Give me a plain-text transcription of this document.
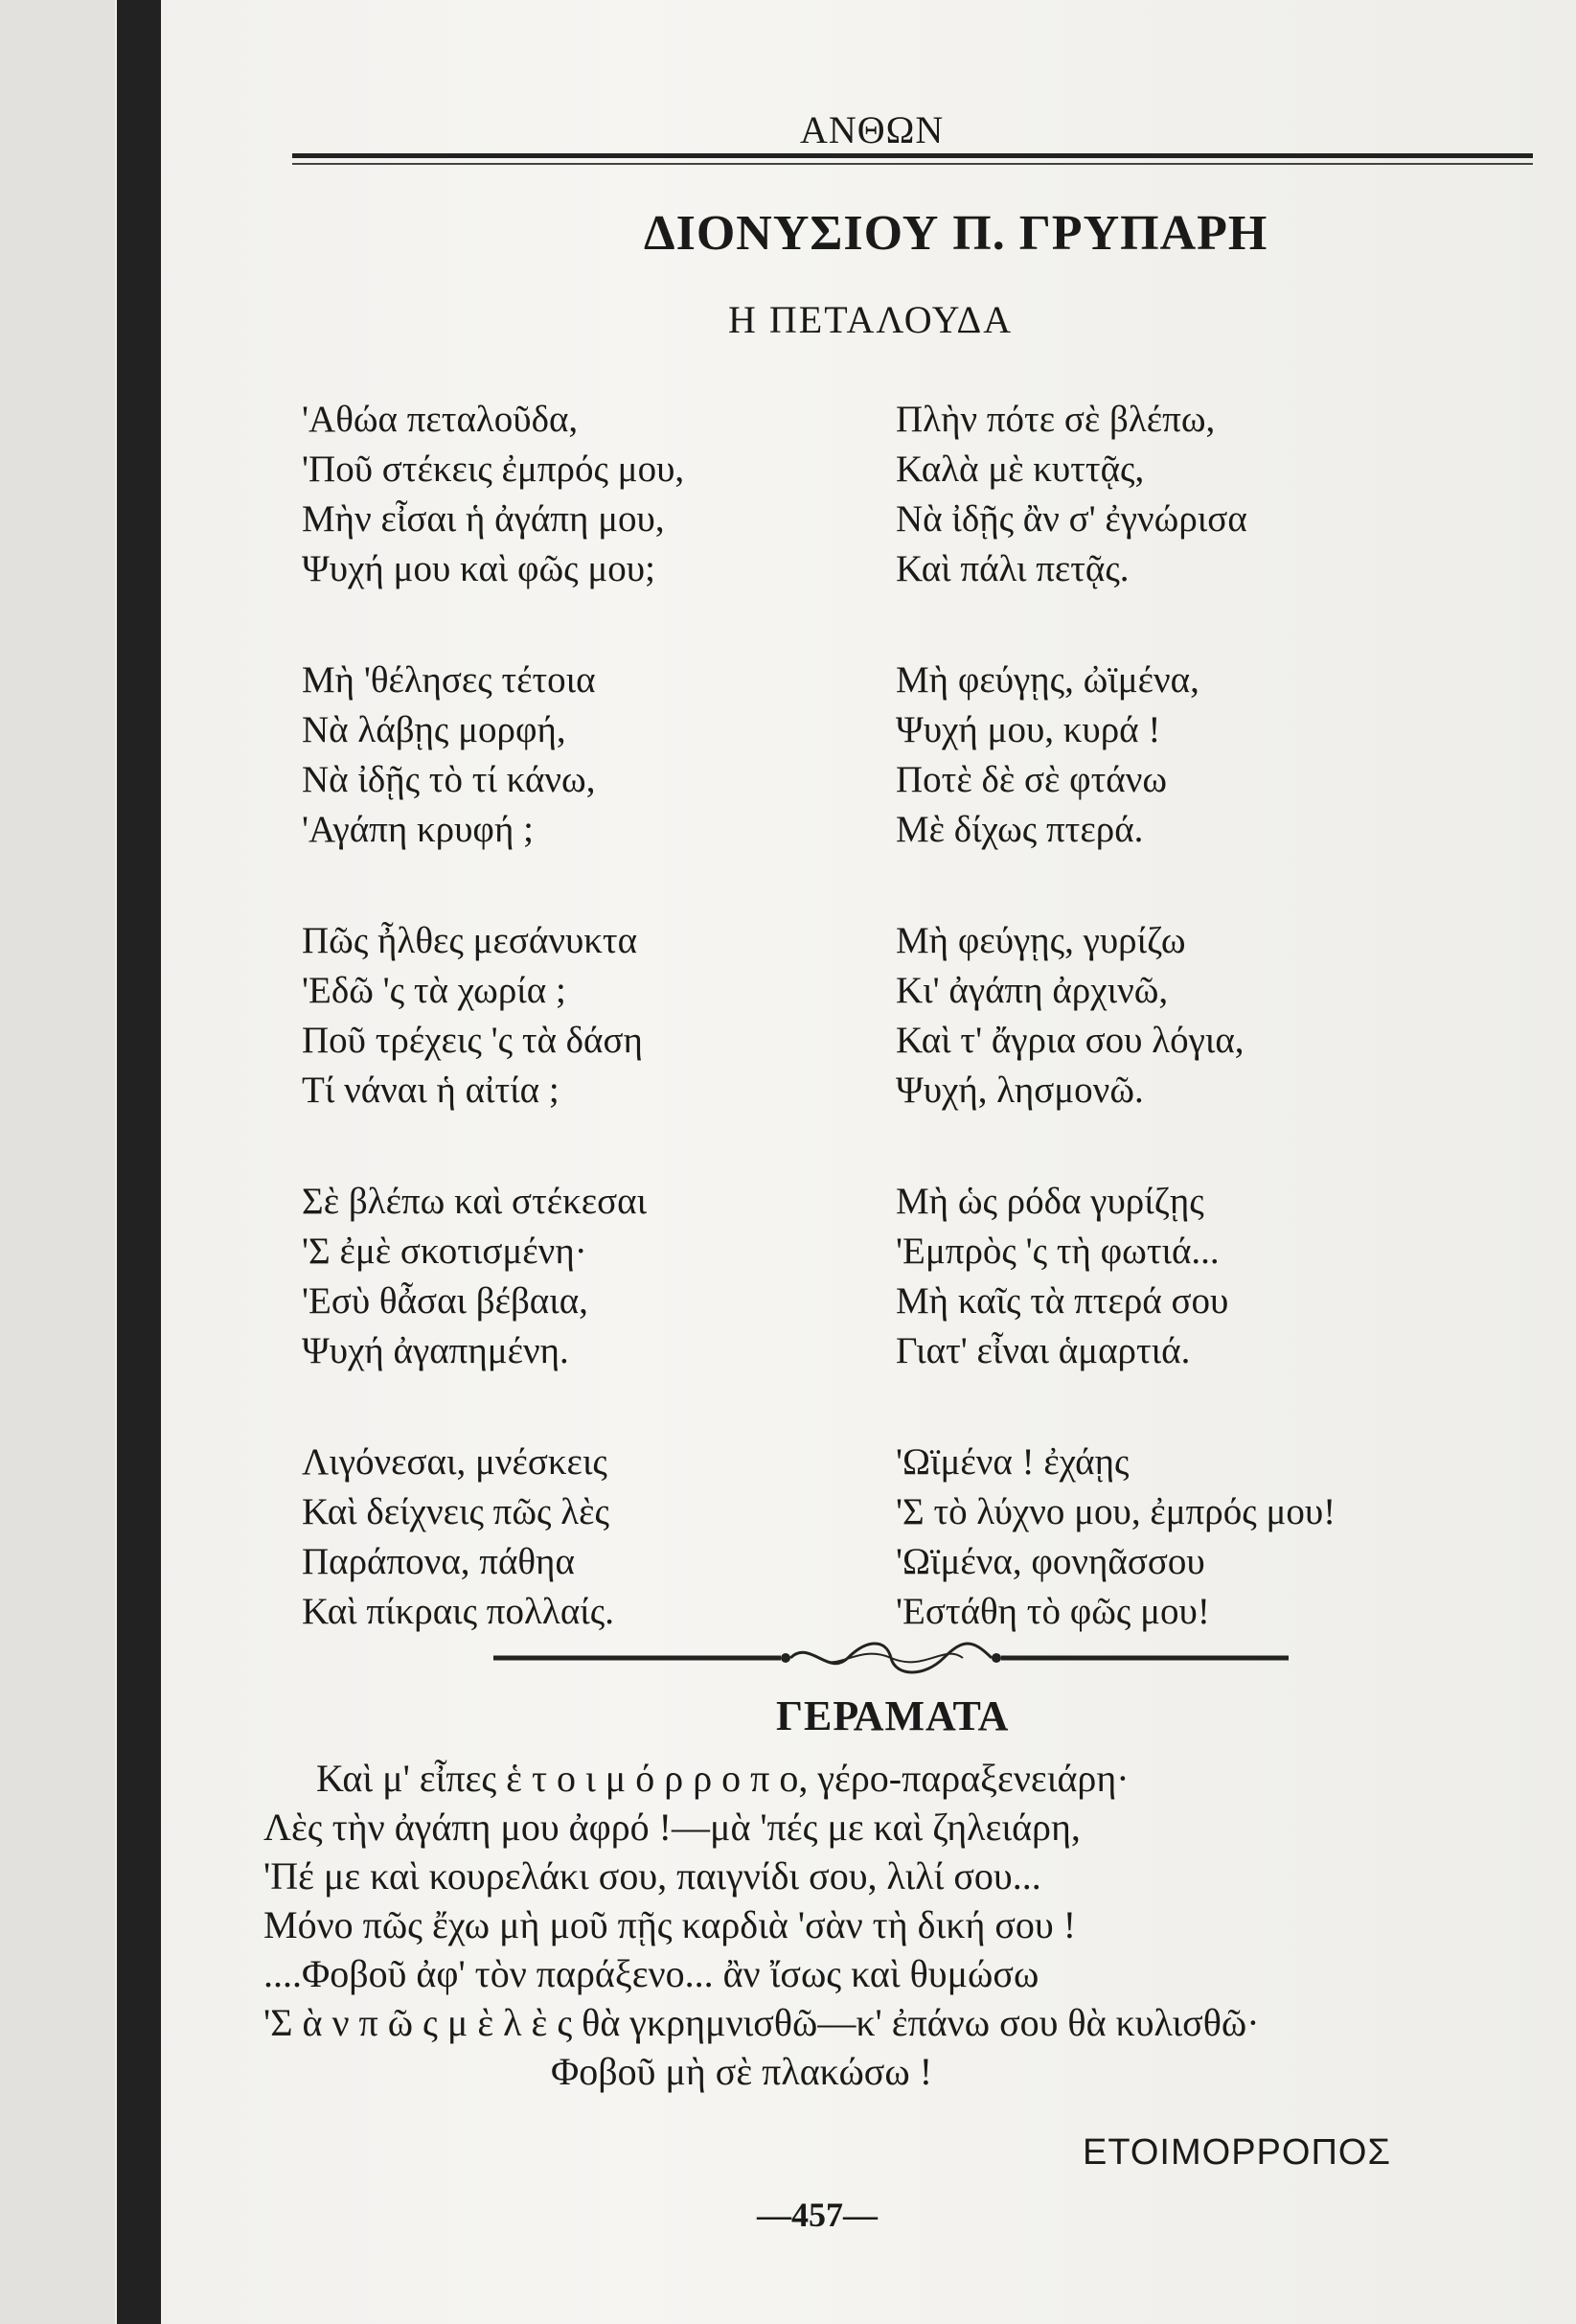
ΑΝΘΩΝ
ΔΙΟΝΥΣΙΟΥ Π. ΓΡΥΠΑΡΗ
Η ΠΕΤΑΛΟΥΔΑ
'Αθώα πεταλοῦδα,
'Ποῦ στέκεις ἐμπρός μου,
Μὴν εἶσαι ἡ ἀγάπη μου,
Ψυχή μου καὶ φῶς μου;
Μὴ 'θέλησες τέτοια
Νὰ λάβῃς μορφή,
Νὰ ἰδῇς τὸ τί κάνω,
'Αγάπη κρυφή ;
Πῶς ἦλθες μεσάνυκτα
'Εδῶ 'ς τὰ χωρία ;
Ποῦ τρέχεις 'ς τὰ δάση
Τί νάναι ἡ αἰτία ;
Σὲ βλέπω καὶ στέκεσαι
'Σ ἐμὲ σκοτισμένη·
'Εσὺ θἆσαι βέβαια,
Ψυχή ἀγαπημένη.
Λιγόνεσαι, μνέσκεις
Καὶ δείχνεις πῶς λὲς
Παράπονα, πάθηα
Καὶ πίκραις πολλαίς.
Πλὴν πότε σὲ βλέπω,
Καλὰ μὲ κυττᾷς,
Νὰ ἰδῇς ἂν σ' ἐγνώρισα
Καὶ πάλι πετᾷς.
Μὴ φεύγῃς, ὠϊμένα,
Ψυχή μου, κυρά !
Ποτὲ δὲ σὲ φτάνω
Μὲ δίχως πτερά.
Μὴ φεύγῃς, γυρίζω
Κι' ἀγάπη ἀρχινῶ,
Καὶ τ' ἄγρια σου λόγια,
Ψυχή, λησμονῶ.
Μὴ ὡς ρόδα γυρίζῃς
'Εμπρὸς 'ς τὴ φωτιά...
Μὴ καῖς τὰ πτερά σου
Γιατ' εἶναι ἁμαρτιά.
'Ωϊμένα ! ἐχάῃς
'Σ τὸ λύχνο μου, ἐμπρός μου!
'Ωϊμένα, φονηᾶσσου
'Εστάθη τὸ φῶς μου!
ΓΕΡΑΜΑΤΑ
Καὶ μ' εἶπες ἑ τ ο ι μ ό ρ ρ ο π ο, γέρο-παραξενειάρη·
Λὲς τὴν ἀγάπη μου ἀφρό !—μὰ 'πές με καὶ ζηλειάρη,
'Πέ με καὶ κουρελάκι σου, παιγνίδι σου, λιλί σου...
Μόνο πῶς ἔχω μὴ μοῦ πῇς καρδιὰ 'σὰν τὴ δική σου !
....Φοβοῦ ἀφ' τὸν παράξενο... ἂν ἴσως καὶ θυμώσω
'Σ ὰ ν π ῶ ς μ ὲ λ ὲ ς θὰ γκρημνισθῶ—κ' ἐπάνω σου θὰ κυλισθῶ·
Φοβοῦ μὴ σὲ πλακώσω !
ΕΤΟΙΜΟΡΡΟΠΟΣ
—457—
